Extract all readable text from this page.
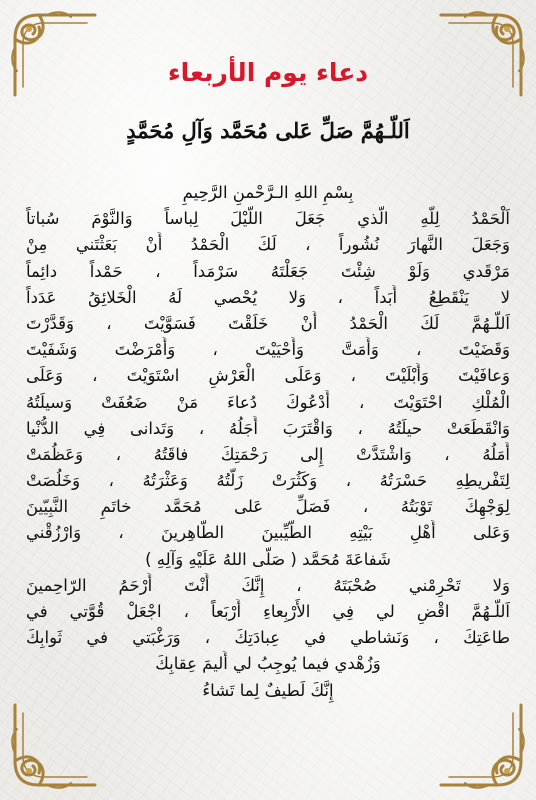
دعاء يوم الأربعاء
اَللّـهُمَّ صَلِّ عَلى مُحَمَّد وَآلِ مُحَمَّدٍ
بِسْمِ اللهِ الـرَّحْمنِ الرَّحِيمِ
اَلْحَمْدُ لِلّهِ الَّذي جَعَلَ اللَّيْلَ لِباساً وَالنَّوْمَ سُباتاً
وَجَعَلَ النَّهارَ نُشُوراً ، لَكَ الْحَمْدُ أَنْ بَعَثْتَني مِنْ
مَرْقَدي وَلَوْ شِئْتَ جَعَلْتَهُ سَرْمَداً ، حَمْداً دائِماً
لا يَنْقَطِعُ أَبَداً ، وَلا يُحْصي لَهُ الْخَلائِقُ عَدَداً
اَللّـهُمَّ لَكَ الْحَمْدُ أَنْ خَلَقْتَ فَسَوَّيْتَ ، وَقَدَّرْتَ
وَقَضَيْتَ ، وَأَمَتَّ وَأَحْيَيْتَ ، وَأَمْرَضْتَ وَشَفَيْتَ
وَعافَيْتَ وَأَبْلَيْتَ ، وَعَلَى الْعَرْشِ اسْتَوَيْتَ ، وَعَلَى
الْمُلْكِ احْتَوَيْتَ ، أَدْعُوكَ دُعاءَ مَنْ ضَعُفَتْ وَسيلَتُهُ
وَانْقَطَعَتْ حيلَتُهُ ، وَاقْتَرَبَ أَجَلُهُ ، وَتَدانى فِي الدُّنْيا
أَمَلُهُ ، وَاشْتَدَّتْ إِلى رَحْمَتِكَ فاقَتُهُ ، وَعَظُمَتْ
لِتَفْريطِهِ حَسْرَتُهُ ، وَكَثُرَتْ زَلَّتُهُ وَعَثْرَتُهُ ، وَخَلُصَتْ
لِوَجْهِكَ تَوْبَتُهُ ، فَصَلِّ عَلى مُحَمَّد خاتَمِ النَّبِيّينَ
وَعَلى أَهْلِ بَيْتِهِ الطَّيِّبينَ الطّاهِرينَ ، وَارْزُقْني
شَفاعَةَ مُحَمَّد ( صَلَّى اللهُ عَلَيْهِ وَآلِهِ )
وَلا تَحْرِمْني صُحْبَتَهُ ، إِنَّكَ أَنْتَ أَرْحَمُ الرّاحِمينَ
اَللّـهُمَّ اقْضِ لي فِي الأَرْبِعاءِ أَرْبَعاً ، اجْعَلْ قُوَّتي في
طاعَتِكَ ، وَنَشاطي في عِبادَتِكَ ، وَرَغْبَتي في ثَوابِكَ
وَزُهْدي فيما يُوجِبُ لي أَليمَ عِقابِكَ
إِنَّكَ لَطيفٌ لِما تَشاءُ
